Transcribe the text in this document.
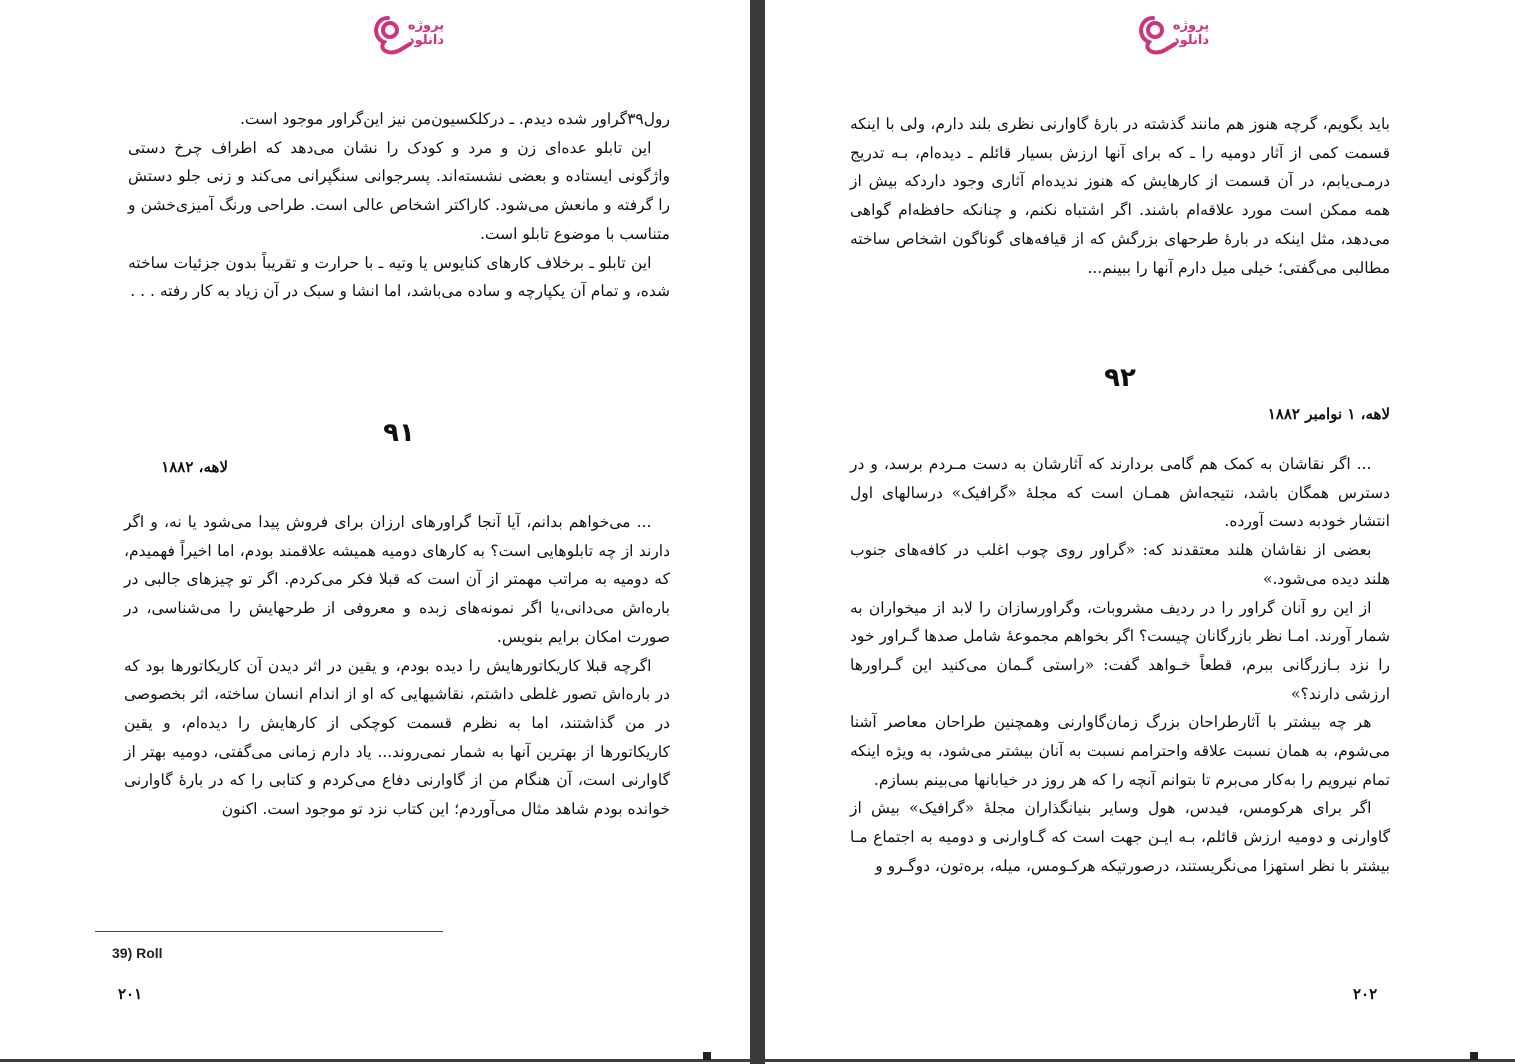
پروژه دانلود

رول۳۹گراور شده دیدم. ـ درکلکسیون‌من نیز این‌گراور موجود است.

این تابلو عده‌ای زن و مرد و کودک را نشان می‌دهد که اطراف چرخ دستی واژگونی ایستاده و بعضی نشسته‌اند. پسرجوانی سنگپرانی می‌کند و زنی جلو دستش را گرفته و مانعش می‌شود. کاراکتر اشخاص عالی است. طراحی ورنگ آمیزی‌خشن و متناسب با موضوع تابلو است.

این تابلو ـ برخلاف کارهای کنایوس یا وتیه ـ با حرارت و تقریباً بدون جزئیات ساخته شده، و تمام آن یکپارچه و ساده می‌باشد، اما انشا و سبک در آن زیاد به کار رفته . . .

۹۱
لاهه، ۱۸۸۲

... می‌خواهم بدانم، آیا آنجا گراورهای ارزان برای فروش پیدا می‌شود یا نه، و اگر دارند از چه تابلوهایی است؟ به کارهای دومیه همیشه علاقمند بودم، اما اخیراً فهمیدم، که دومیه به مراتب مهمتر از آن است که قبلا فکر می‌کردم. اگر تو چیزهای جالبی در باره‌اش می‌دانی،یا اگر نمونه‌های زبده و معروفی از طرحهایش را می‌شناسی، در صورت امکان برایم بنویس.

اگرچه قبلا کاریکاتورهایش را دیده بودم، و یقین در اثر دیدن آن کاریکاتورها بود که در باره‌اش تصور غلطی داشتم، نقاشیهایی که او از اندام انسان ساخته، اثر بخصوصی در من گذاشتند، اما به نظرم قسمت کوچکی از کارهایش را دیده‌ام، و یقین کاریکاتورها از بهترین آنها به شمار نمی‌روند... یاد دارم زمانی می‌گفتی، دومیه بهتر از گاوارنی است، آن هنگام من از گاوارنی دفاع می‌کردم و کتابی را که در بارهٔ گاوارنی خوانده بودم شاهد مثال می‌آوردم؛ این کتاب نزد تو موجود است. اکنون

39) Roll
۲۰۱
پروژه دانلود

باید بگویم، گرچه هنوز هم مانند گذشته در بارهٔ گاوارنی نظری بلند دارم، ولی با اینکه قسمت کمی از آثار دومیه را ـ که برای آنها ارزش بسیار قائلم ـ دیده‌ام، بـه تدریج درمـی‌یابم، در آن قسمت از کارهایش که هنوز ندیده‌ام آثاری وجود داردکه بیش از همه ممکن است مورد علاقه‌ام باشند. اگر اشتباه نکنم، و چنانکه حافظه‌ام گواهی می‌دهد، مثل اینکه در بارهٔ طرحهای بزرگش که از قیافه‌های گوناگون اشخاص ساخته مطالبی می‌گفتی؛ خیلی میل دارم آنها را ببینم...

۹۲
لاهه، ۱ نوامبر ۱۸۸۲

... اگر نقاشان به کمک هم گامی بردارند که آثارشان به دست مـردم برسد، و در دسترس همگان باشد، نتیجه‌اش همـان است که مجلهٔ «گرافیک» درسالهای اول انتشار خودبه دست آورده.

بعضی از نقاشان هلند معتقدند که: «گراور روی چوب اغلب در کافه‌های جنوب هلند دیده می‌شود.»

از این رو آنان گراور را در ردیف مشروبات، وگراورسازان را لابد از میخواران به شمار آورند. امـا نظر بازرگانان چیست؟ اگر بخواهم مجموعهٔ شامل صدها گـراور خود را نزد بـازرگانی ببرم، قطعاً خـواهد گفت: «راستی گـمان می‌کنید این گـراورها ارزشی دارند؟»

هر چه بیشتر با آثارطراحان بزرگ زمان‌گاوارنی وهمچنین طراحان معاصر آشنا می‌شوم، به همان نسبت علاقه واحترامم نسبت به آنان بیشتر می‌شود، به ویژه اینکه تمام نیرویم را به‌کار می‌برم تا بتوانم آنچه را که هر روز در خیابانها می‌بینم بسازم.

اگر برای هرکومس، فیدس، هول وسایر بنیانگذاران مجلهٔ «گرافیک» بیش از گاوارنی و دومیه ارزش قائلم، بـه ایـن جهت است که گـاوارنی و دومیه به اجتماع مـا بیشتر با نظر استهزا می‌نگریستند، درصورتیکه هرکـومس، میله، بره‌تون، دوگـرو و

۲۰۲
